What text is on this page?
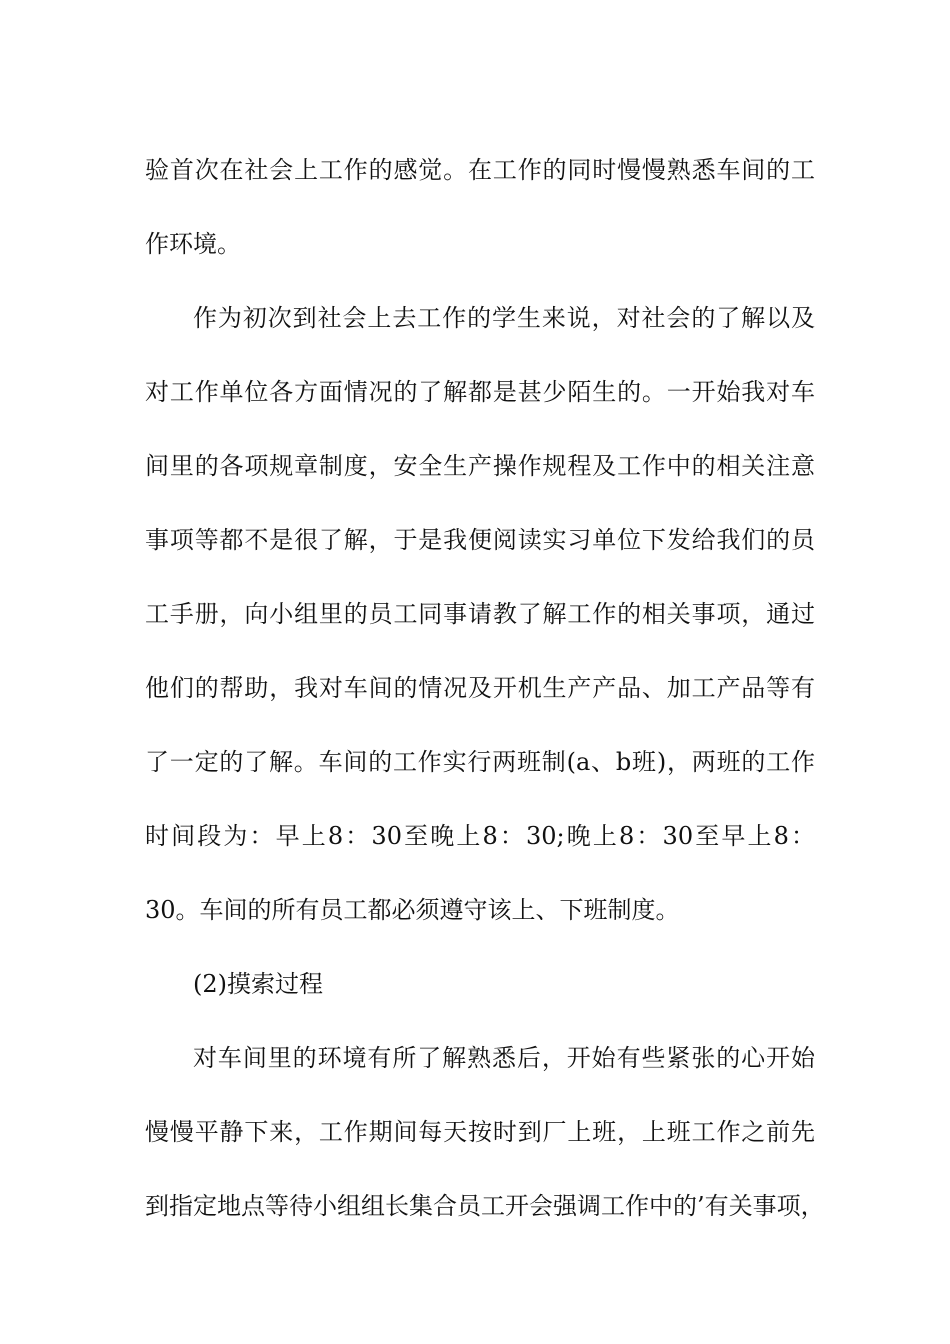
验首次在社会上工作的感觉。在工作的同时慢慢熟悉车间的工
作环境。
作为初次到社会上去工作的学生来说，对社会的了解以及
对工作单位各方面情况的了解都是甚少陌生的。一开始我对车
间里的各项规章制度，安全生产操作规程及工作中的相关注意
事项等都不是很了解，于是我便阅读实习单位下发给我们的员
工手册，向小组里的员工同事请教了解工作的相关事项，通过
他们的帮助，我对车间的情况及开机生产产品、加工产品等有
了一定的了解。车间的工作实行两班制(a、b班)，两班的工作
时间段为：早上8：30至晚上8：30;晚上8：30至早上8：
30。车间的所有员工都必须遵守该上、下班制度。
(2)摸索过程
对车间里的环境有所了解熟悉后，开始有些紧张的心开始
慢慢平静下来，工作期间每天按时到厂上班，上班工作之前先
到指定地点等待小组组长集合员工开会强调工作中的’有关事项，
